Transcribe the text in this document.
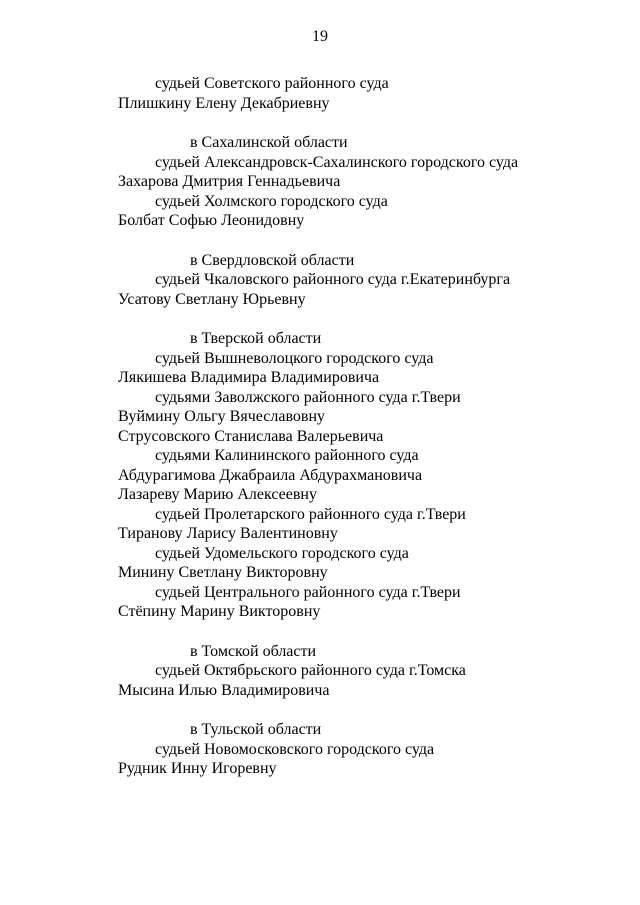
19
судьей Советского районного суда
Плишкину Елену Декабриевну
в Сахалинской области
судьей Александровск-Сахалинского городского суда
Захарова Дмитрия Геннадьевича
судьей Холмского городского суда
Болбат Софью Леонидовну
в Свердловской области
судьей Чкаловского районного суда г.Екатеринбурга
Усатову Светлану Юрьевну
в Тверской области
судьей Вышневолоцкого городского суда
Лякишева Владимира Владимировича
судьями Заволжского районного суда г.Твери
Вуймину Ольгу Вячеславовну
Струсовского Станислава Валерьевича
судьями Калининского районного суда
Абдурагимова Джабраила Абдурахмановича
Лазареву Марию Алексеевну
судьей Пролетарского районного суда г.Твери
Тиранову Ларису Валентиновну
судьей Удомельского городского суда
Минину Светлану Викторовну
судьей Центрального районного суда г.Твери
Стёпину Марину Викторовну
в Томской области
судьей Октябрьского районного суда г.Томска
Мысина Илью Владимировича
в Тульской области
судьей Новомосковского городского суда
Рудник Инну Игоревну
